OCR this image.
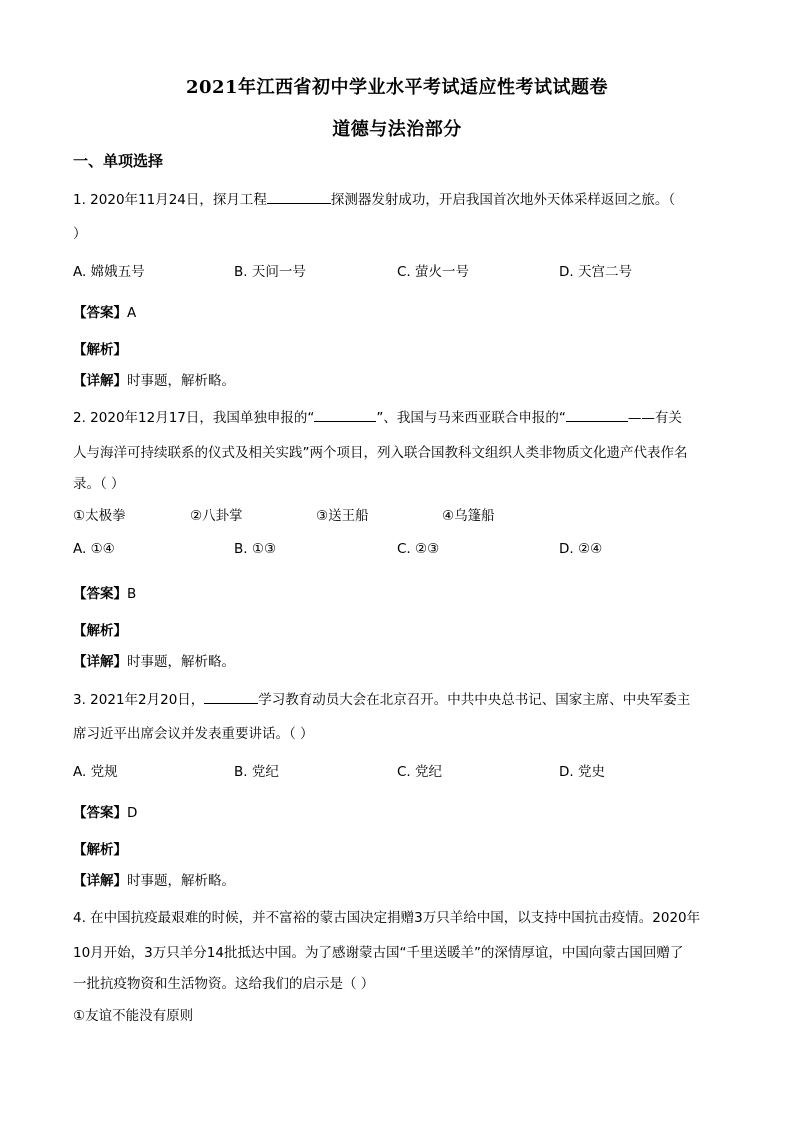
2021年江西省初中学业水平考试适应性考试试题卷
道德与法治部分
一、单项选择
1. 2020年11月24日，探月工程	探测器发射成功，开启我国首次地外天体采样返回之旅。（
）
A. 嫦娥五号	B. 天问一号	C. 萤火一号	D. 天宫二号
【答案】A
【解析】
【详解】时事题，解析略。
2. 2020年12月17日，我国单独申报的“	”、我国与马来西亚联合申报的“	——有关
人与海洋可持续联系的仪式及相关实践”两个项目，列入联合国教科文组织人类非物质文化遗产代表作名
录。（ ）
①太极拳	②八卦掌	③送王船	④乌篷船
A. ①④	B. ①③	C. ②③	D. ②④
【答案】B
【解析】
【详解】时事题，解析略。
3. 2021年2月20日，	学习教育动员大会在北京召开。中共中央总书记、国家主席、中央军委主
席习近平出席会议并发表重要讲话。（ ）
A. 党规	B. 党纪	C. 党纪	D. 党史
【答案】D
【解析】
【详解】时事题，解析略。
4. 在中国抗疫最艰难的时候，并不富裕的蒙古国决定捐赠3万只羊给中国，以支持中国抗击疫情。2020年
10月开始，3万只羊分14批抵达中国。为了感谢蒙古国“千里送暖羊”的深情厚谊，中国向蒙古国回赠了
一批抗疫物资和生活物资。这给我们的启示是（ ）
①友谊不能没有原则
